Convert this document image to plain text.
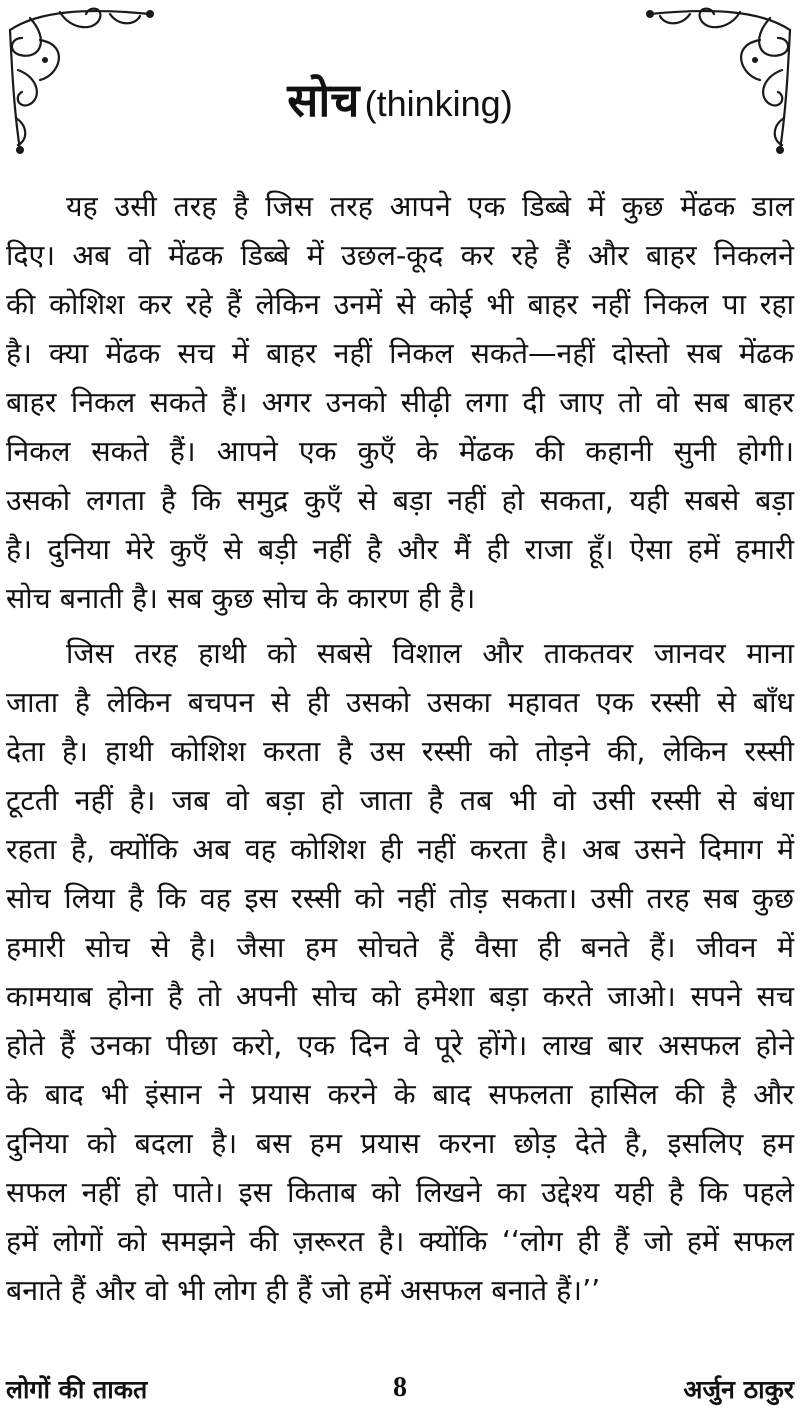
सोच (thinking)
यह उसी तरह है जिस तरह आपने एक डिब्बे में कुछ मेंढक डाल
दिए। अब वो मेंढक डिब्बे में उछल-कूद कर रहे हैं और बाहर निकलने
की कोशिश कर रहे हैं लेकिन उनमें से कोई भी बाहर नहीं निकल पा रहा
है। क्या मेंढक सच में बाहर नहीं निकल सकते—नहीं दोस्तो सब मेंढक
बाहर निकल सकते हैं। अगर उनको सीढ़ी लगा दी जाए तो वो सब बाहर
निकल सकते हैं। आपने एक कुएँ के मेंढक की कहानी सुनी होगी।
उसको लगता है कि समुद्र कुएँ से बड़ा नहीं हो सकता, यही सबसे बड़ा
है। दुनिया मेरे कुएँ से बड़ी नहीं है और मैं ही राजा हूँ। ऐसा हमें हमारी
सोच बनाती है। सब कुछ सोच के कारण ही है।
जिस तरह हाथी को सबसे विशाल और ताकतवर जानवर माना
जाता है लेकिन बचपन से ही उसको उसका महावत एक रस्सी से बाँध
देता है। हाथी कोशिश करता है उस रस्सी को तोड़ने की, लेकिन रस्सी
टूटती नहीं है। जब वो बड़ा हो जाता है तब भी वो उसी रस्सी से बंधा
रहता है, क्योंकि अब वह कोशिश ही नहीं करता है। अब उसने दिमाग में
सोच लिया है कि वह इस रस्सी को नहीं तोड़ सकता। उसी तरह सब कुछ
हमारी सोच से है। जैसा हम सोचते हैं वैसा ही बनते हैं। जीवन में
कामयाब होना है तो अपनी सोच को हमेशा बड़ा करते जाओ। सपने सच
होते हैं उनका पीछा करो, एक दिन वे पूरे होंगे। लाख बार असफल होने
के बाद भी इंसान ने प्रयास करने के बाद सफलता हासिल की है और
दुनिया को बदला है। बस हम प्रयास करना छोड़ देते है, इसलिए हम
सफल नहीं हो पाते। इस किताब को लिखने का उद्देश्य यही है कि पहले
हमें लोगों को समझने की ज़रूरत है। क्योंकि ‘‘लोग ही हैं जो हमें सफल
बनाते हैं और वो भी लोग ही हैं जो हमें असफल बनाते हैं।’’
लोगों की ताकत	8	अर्जुन ठाकुर
